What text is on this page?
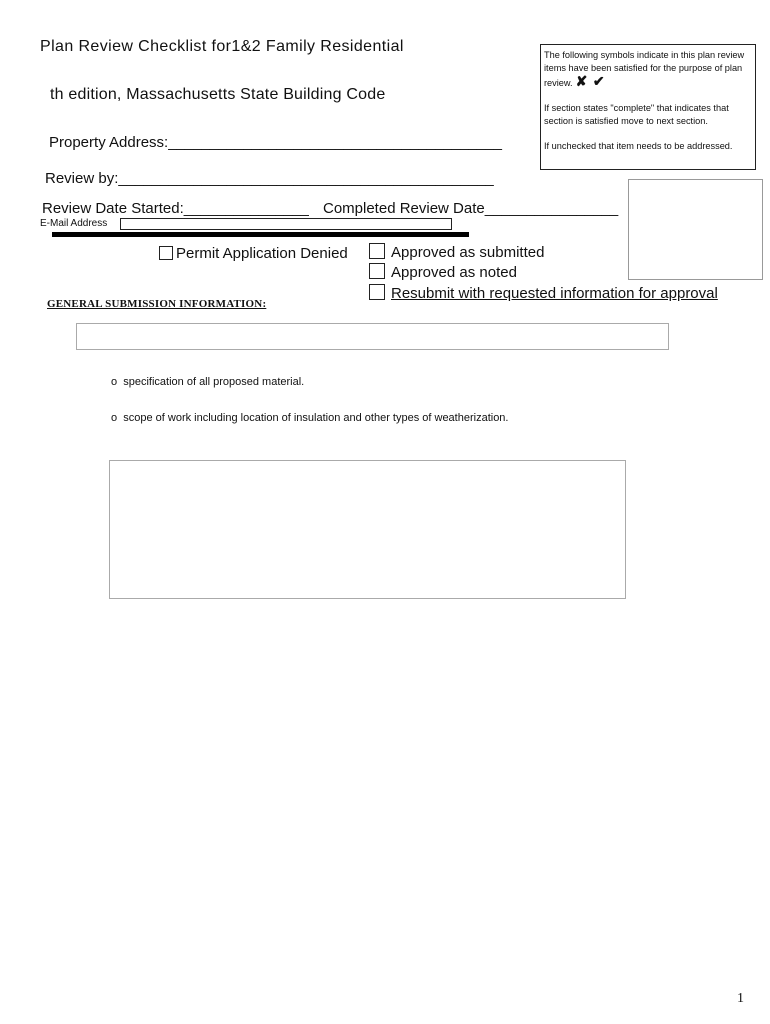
Plan Review Checklist for1&2 Family Residential
th edition, Massachusetts State Building Code

The following symbols indicate in this plan review items have been satisfied for the purpose of plan review. ✘ ✔

If section states "complete" that indicates that section is satisfied move to next section.

If unchecked that item needs to be addressed.

Property Address:________________________________________
Review by:_____________________________________________
Review Date Started:_______________ Completed Review Date________________
E-Mail Address
Permit Application Denied	Approved as submitted
Approved as noted
Resubmit with requested information for approval
GENERAL SUBMISSION INFORMATION:
o specification of all proposed material.
o scope of work including location of insulation and other types of weatherization.
1
